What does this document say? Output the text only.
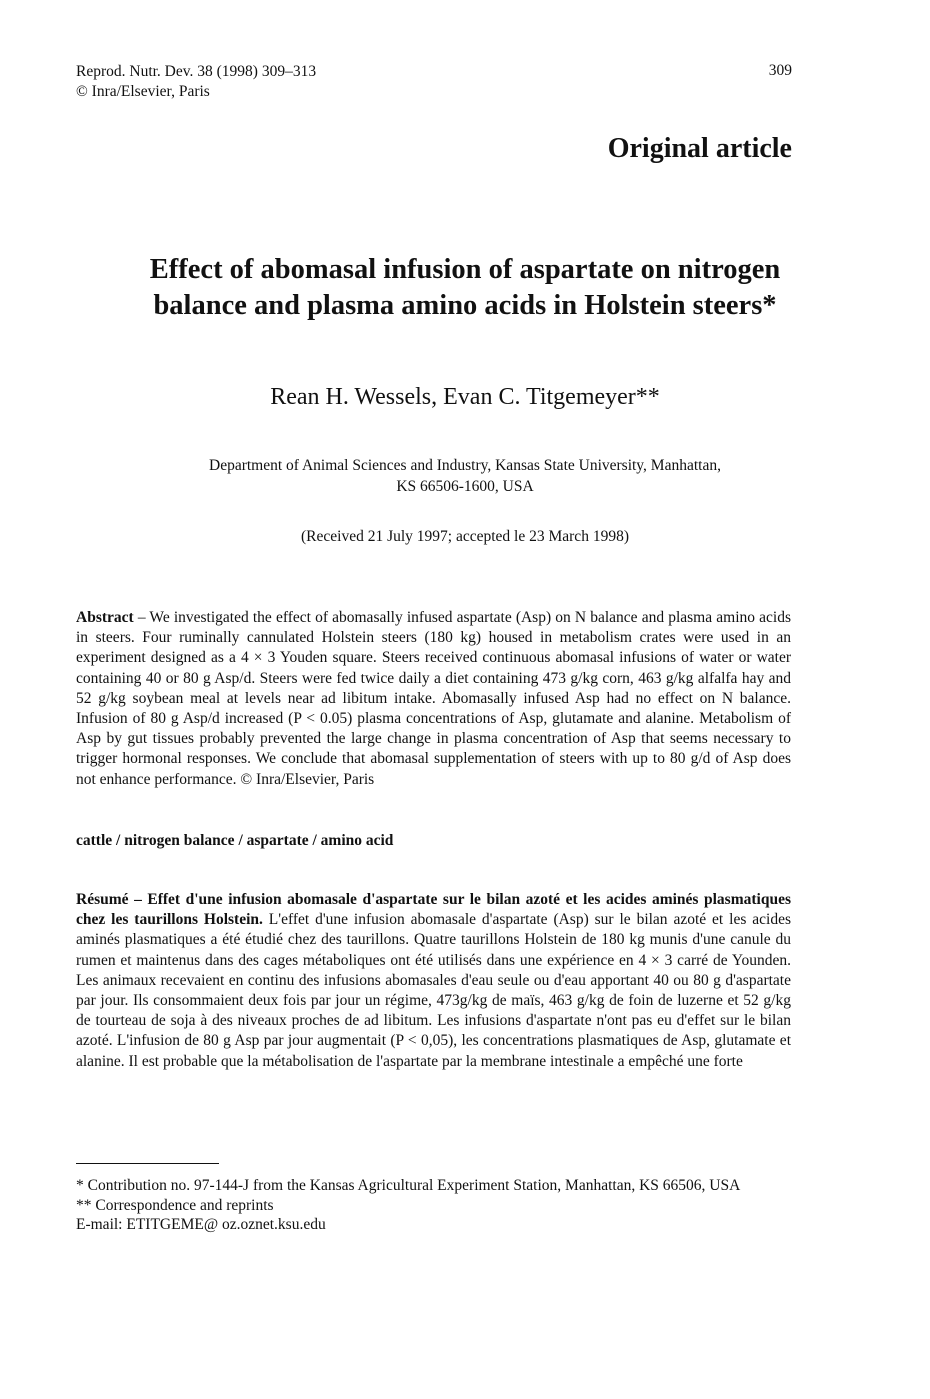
Reprod. Nutr. Dev. 38 (1998) 309–313
© Inra/Elsevier, Paris
309
Original article
Effect of abomasal infusion of aspartate on nitrogen
balance and plasma amino acids in Holstein steers*
Rean H. Wessels, Evan C. Titgemeyer**
Department of Animal Sciences and Industry, Kansas State University, Manhattan,
KS 66506-1600, USA
(Received 21 July 1997; accepted le 23 March 1998)
Abstract – We investigated the effect of abomasally infused aspartate (Asp) on N balance and plasma amino acids in steers. Four ruminally cannulated Holstein steers (180 kg) housed in metabolism crates were used in an experiment designed as a 4 × 3 Youden square. Steers received continuous abomasal infusions of water or water containing 40 or 80 g Asp/d. Steers were fed twice daily a diet containing 473 g/kg corn, 463 g/kg alfalfa hay and 52 g/kg soybean meal at levels near ad libitum intake. Abomasally infused Asp had no effect on N balance. Infusion of 80 g Asp/d increased (P < 0.05) plasma concentrations of Asp, glutamate and alanine. Metabolism of Asp by gut tissues probably prevented the large change in plasma concentration of Asp that seems necessary to trigger hormonal responses. We conclude that abomasal supplementation of steers with up to 80 g/d of Asp does not enhance performance. © Inra/Elsevier, Paris
cattle / nitrogen balance / aspartate / amino acid
Résumé – Effet d'une infusion abomasale d'aspartate sur le bilan azoté et les acides aminés plasmatiques chez les taurillons Holstein. L'effet d'une infusion abomasale d'aspartate (Asp) sur le bilan azoté et les acides aminés plasmatiques a été étudié chez des taurillons. Quatre taurillons Holstein de 180 kg munis d'une canule du rumen et maintenus dans des cages métaboliques ont été utilisés dans une expérience en 4 × 3 carré de Younden. Les animaux recevaient en continu des infusions abomasales d'eau seule ou d'eau apportant 40 ou 80 g d'aspartate par jour. Ils consommaient deux fois par jour un régime, 473g/kg de maïs, 463 g/kg de foin de luzerne et 52 g/kg de tourteau de soja à des niveaux proches de ad libitum. Les infusions d'aspartate n'ont pas eu d'effet sur le bilan azoté. L'infusion de 80 g Asp par jour augmentait (P < 0,05), les concentrations plasmatiques de Asp, glutamate et alanine. Il est probable que la métabolisation de l'aspartate par la membrane intestinale a empêché une forte
* Contribution no. 97-144-J from the Kansas Agricultural Experiment Station, Manhattan, KS 66506, USA
** Correspondence and reprints
E-mail: ETITGEME@ oz.oznet.ksu.edu
